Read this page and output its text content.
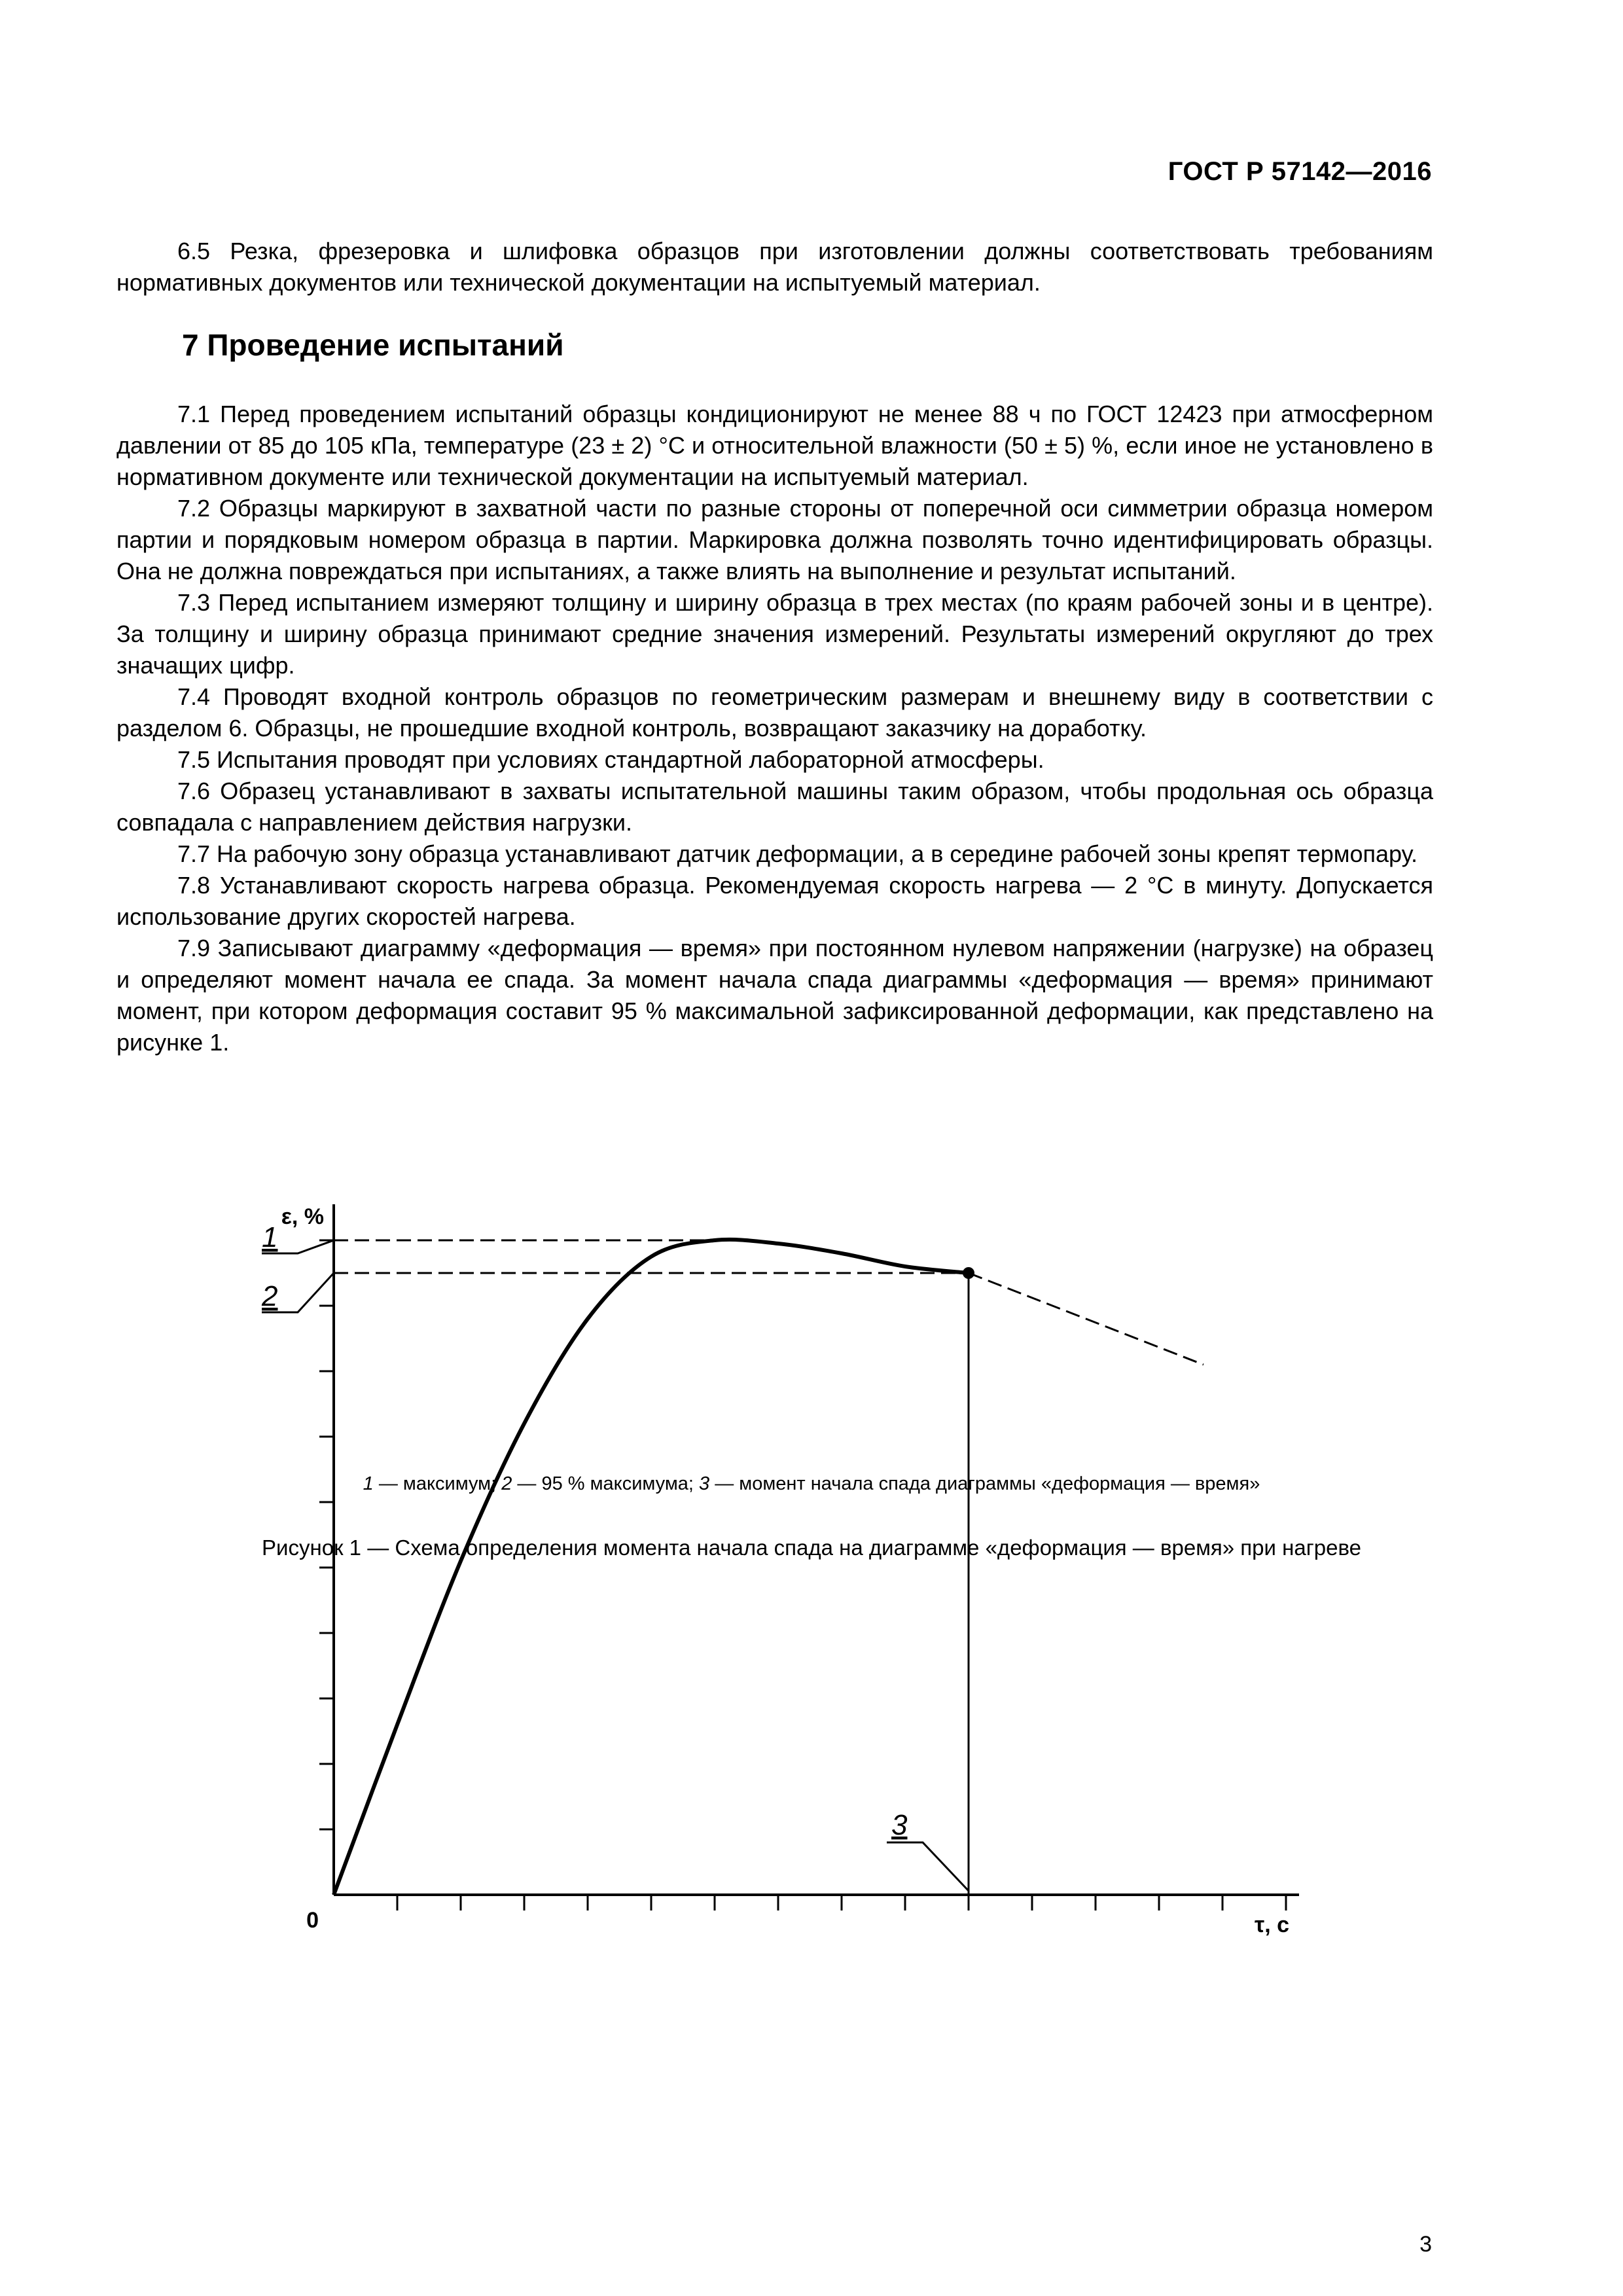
ГОСТ Р 57142—2016

6.5 Резка, фрезеровка и шлифовка образцов при изготовлении должны соответствовать требованиям нормативных документов или технической документации на испытуемый материал.

7 Проведение испытаний

7.1 Перед проведением испытаний образцы кондиционируют не менее 88 ч по ГОСТ 12423 при атмосферном давлении от 85 до 105 кПа, температуре (23 ± 2) °С и относительной влажности (50 ± 5) %, если иное не установлено в нормативном документе или технической документации на испытуемый материал.

7.2 Образцы маркируют в захватной части по разные стороны от поперечной оси симметрии образца номером партии и порядковым номером образца в партии. Маркировка должна позволять точно идентифицировать образцы. Она не должна повреждаться при испытаниях, а также влиять на выполнение и результат испытаний.

7.3 Перед испытанием измеряют толщину и ширину образца в трех местах (по краям рабочей зоны и в центре). За толщину и ширину образца принимают средние значения измерений. Результаты измерений округляют до трех значащих цифр.

7.4 Проводят входной контроль образцов по геометрическим размерам и внешнему виду в соответствии с разделом 6. Образцы, не прошедшие входной контроль, возвращают заказчику на доработку.

7.5 Испытания проводят при условиях стандартной лабораторной атмосферы.

7.6 Образец устанавливают в захваты испытательной машины таким образом, чтобы продольная ось образца совпадала с направлением действия нагрузки.

7.7 На рабочую зону образца устанавливают датчик деформации, а в середине рабочей зоны крепят термопару.

7.8 Устанавливают скорость нагрева образца. Рекомендуемая скорость нагрева — 2 °С в минуту. Допускается использование других скоростей нагрева.

7.9 Записывают диаграмму «деформация — время» при постоянном нулевом напряжении (нагрузке) на образец и определяют момент начала ее спада. За момент начала спада диаграммы «деформация — время» принимают момент, при котором деформация составит 95 % максимальной зафиксированной деформации, как представлено на рисунке 1.

ε, %
τ, с
0
1
2
3
1 — максимум; 2 — 95 % максимума; 3 — момент начала спада диаграммы «деформация — время»
Рисунок 1 — Схема определения момента начала спада на диаграмме «деформация — время» при нагреве
3
